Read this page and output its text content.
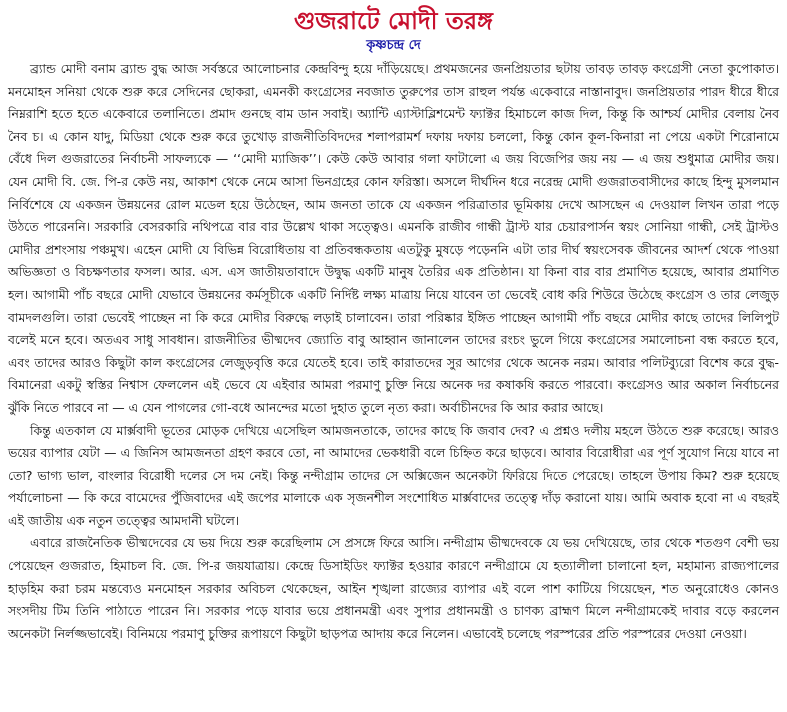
গুজরাটে মোদী তরঙ্গ
কৃষ্ণচন্দ্র দে

ব্র্যান্ড মোদী বনাম ব্র্যান্ড বুদ্ধ আজ সর্বস্তরে আলোচনার কেন্দ্রবিন্দু হয়ে দাঁড়িয়েছে। প্রথমজনের জনপ্রিয়তার ছটায় তাবড় তাবড় কংগ্রেসী নেতা কুপোকাত। মনমোহন সনিয়া থেকে শুরু করে সেদিনের ছোকরা, এমনকী কংগ্রেসের নবজাত তুরুপের তাস রাহুল পর্যন্ত একেবারে নাস্তানাবুদ। জনপ্রিয়তার পারদ ধীরে ধীরে নিম্নরাশি হতে হতে একেবারে তলানিতে। প্রমাদ গুনছে বাম ডান সবাই। অ্যান্টি এ্যাস্টাব্লিশমেন্ট ফ্যাক্টর হিমাচলে কাজ দিল, কিন্তু কি আশ্চর্য মোদীর বেলায় নৈব নৈব চ। এ কোন যাদু, মিডিয়া থেকে শুরু করে তুখোড় রাজনীতিবিদদের শলাপরামর্শ দফায় দফায় চললো, কিন্তু কোন কূল-কিনারা না পেয়ে একটা শিরোনামে বেঁধে দিল গুজরাতের নির্বাচনী সাফল্যকে — ‘‘মোদী ম্যাজিক’’। কেউ কেউ আবার গলা ফাটালো এ জয় বিজেপির জয় নয় — এ জয় শুধুমাত্র মোদীর জয়। যেন মোদী বি. জে. পি-র কেউ নয়, আকাশ থেকে নেমে আসা ভিনগ্রহের কোন ফরিস্তা। অসলে দীর্ঘদিন ধরে নরেন্দ্র মোদী গুজরাতবাসীদের কাছে হিন্দু মুসলমান নির্বিশেষে যে একজন উন্নয়নের রোল মডেল হয়ে উঠেছেন, আম জনতা তাকে যে একজন পরিত্রাতার ভূমিকায় দেখে আসছেন এ দেওয়াল লিখন তারা পড়ে উঠতে পারেননি। সরকারি বেসরকারি নথিপত্রে বার বার উল্লেখ থাকা সত্ত্বেও। এমনকি রাজীব গান্ধী ট্রাস্ট যার চেয়ারপার্সন স্বয়ং সোনিয়া গান্ধী, সেই ট্রাস্টও মোদীর প্রশংসায় পঞ্চমুখ। এহেন মোদী যে বিভিন্ন বিরোধিতায় বা প্রতিবন্ধকতায় এতটুকু মুষড়ে পড়েননি এটা তার দীর্ঘ স্বয়ংসেবক জীবনের আদর্শ থেকে পাওয়া অভিজ্ঞতা ও বিচক্ষণতার ফসল। আর. এস. এস জাতীয়তাবাদে উদ্বুদ্ধ একটি মানুষ তৈরির এক প্রতিষ্ঠান। যা কিনা বার বার প্রমাণিত হয়েছে, আবার প্রমাণিত হল। আগামী পাঁচ বছরে মোদী যেভাবে উন্নয়নের কর্মসূচীকে একটি নির্দিষ্ট লক্ষ্য মাত্রায় নিয়ে যাবেন তা ভেবেই বোধ করি শিউরে উঠেছে কংগ্রেস ও তার লেজুড় বামদলগুলি। তারা ভেবেই পাচ্ছেন না কি করে মোদীর বিরুদ্ধে লড়াই চালাবেন। তারা পরিষ্কার ইঙ্গিত পাচ্ছেন আগামী পাঁচ বছরে মোদীর কাছে তাদের লিলিপুট বলেই মনে হবে। অতএব সাধু সাবধান। রাজনীতির ভীষ্মদেব জ্যোতি বাবু আহ্বান জানালেন তাদের রংচং ভুলে গিয়ে কংগ্রেসের সমালোচনা বন্ধ করতে হবে, এবং তাদের আরও কিছুটা কাল কংগ্রেসের লেজুড়বৃত্তি করে যেতেই হবে। তাই কারাতদের সুর আগের থেকে অনেক নরম। আবার পলিটব্যুরো বিশেষ করে বুদ্ধ-বিমানেরা একটু স্বস্তির নিশ্বাস ফেললেন এই ভেবে যে এইবার আমরা পরমাণু চুক্তি নিয়ে অনেক দর কষাকষি করতে পারবো। কংগ্রেসও আর অকাল নির্বাচনের ঝুঁকি নিতে পারবে না — এ যেন পাগলের গো-বধে আনন্দের মতো দুহাত তুলে নৃত্য করা। অর্বাচীনদের কি আর করার আছে।

কিন্তু এতকাল যে মার্ক্সবাদী ভূতের মোড়ক দেখিয়ে এসেছিল আমজনতাকে, তাদের কাছে কি জবাব দেব? এ প্রশ্নও দলীয় মহলে উঠতে শুরু করেছে। আরও ভয়ের ব্যাপার যেটা — এ জিনিস আমজনতা গ্রহণ করবে তো, না আমাদের ভেকধারী বলে চিহ্নিত করে ছাড়বে। আবার বিরোধীরা এর পূর্ণ সুযোগ নিয়ে যাবে না তো? ভাগ্য ভাল, বাংলার বিরোধী দলের সে দম নেই। কিন্তু নন্দীগ্রাম তাদের সে অক্সিজেন অনেকটা ফিরিয়ে দিতে পেরেছে। তাহলে উপায় কিম? শুরু হয়েছে পর্যালোচনা — কি করে বামেদের পুঁজিবাদের এই জপের মালাকে এক সৃজনশীল সংশোধিত মার্ক্সবাদের তত্ত্বে দাঁড় করানো যায়। আমি অবাক হবো না এ বছরই এই জাতীয় এক নতুন তত্ত্বের আমদানী ঘটলে।

এবারে রাজনৈতিক ভীষ্মদেবের যে ভয় দিয়ে শুরু করেছিলাম সে প্রসঙ্গে ফিরে আসি। নন্দীগ্রাম ভীষ্মদেবকে যে ভয় দেখিয়েছে, তার থেকে শতগুণ বেশী ভয় পেয়েছেন গুজরাত, হিমাচল বি. জে. পি-র জয়যাত্রায়। কেন্দ্রে ডিসাইডিং ফ্যাক্টর হওয়ার কারণে নন্দীগ্রামে যে হত্যালীলা চালানো হল, মহামান্য রাজ্যপালের হাড়হিম করা চরম মন্তব্যেও মনমোহন সরকার অবিচল থেকেছেন, আইন শৃঙ্খলা রাজ্যের ব্যাপার এই বলে পাশ কাটিয়ে গিয়েছেন, শত অনুরোধেও কোনও সংসদীয় টিম তিনি পাঠাতে পারেন নি। সরকার পড়ে যাবার ভয়ে প্রধানমন্ত্রী এবং সুপার প্রধানমন্ত্রী ও চাণক্য ব্রাহ্মণ মিলে নন্দীগ্রামকেই দাবার বড়ে করলেন অনেকটা নির্লজ্জভাবেই। বিনিময়ে পরমাণু চুক্তির রূপায়ণে কিছুটা ছাড়পত্র আদায় করে নিলেন। এভাবেই চলেছে পরস্পরের প্রতি পরস্পরের দেওয়া নেওয়া।
